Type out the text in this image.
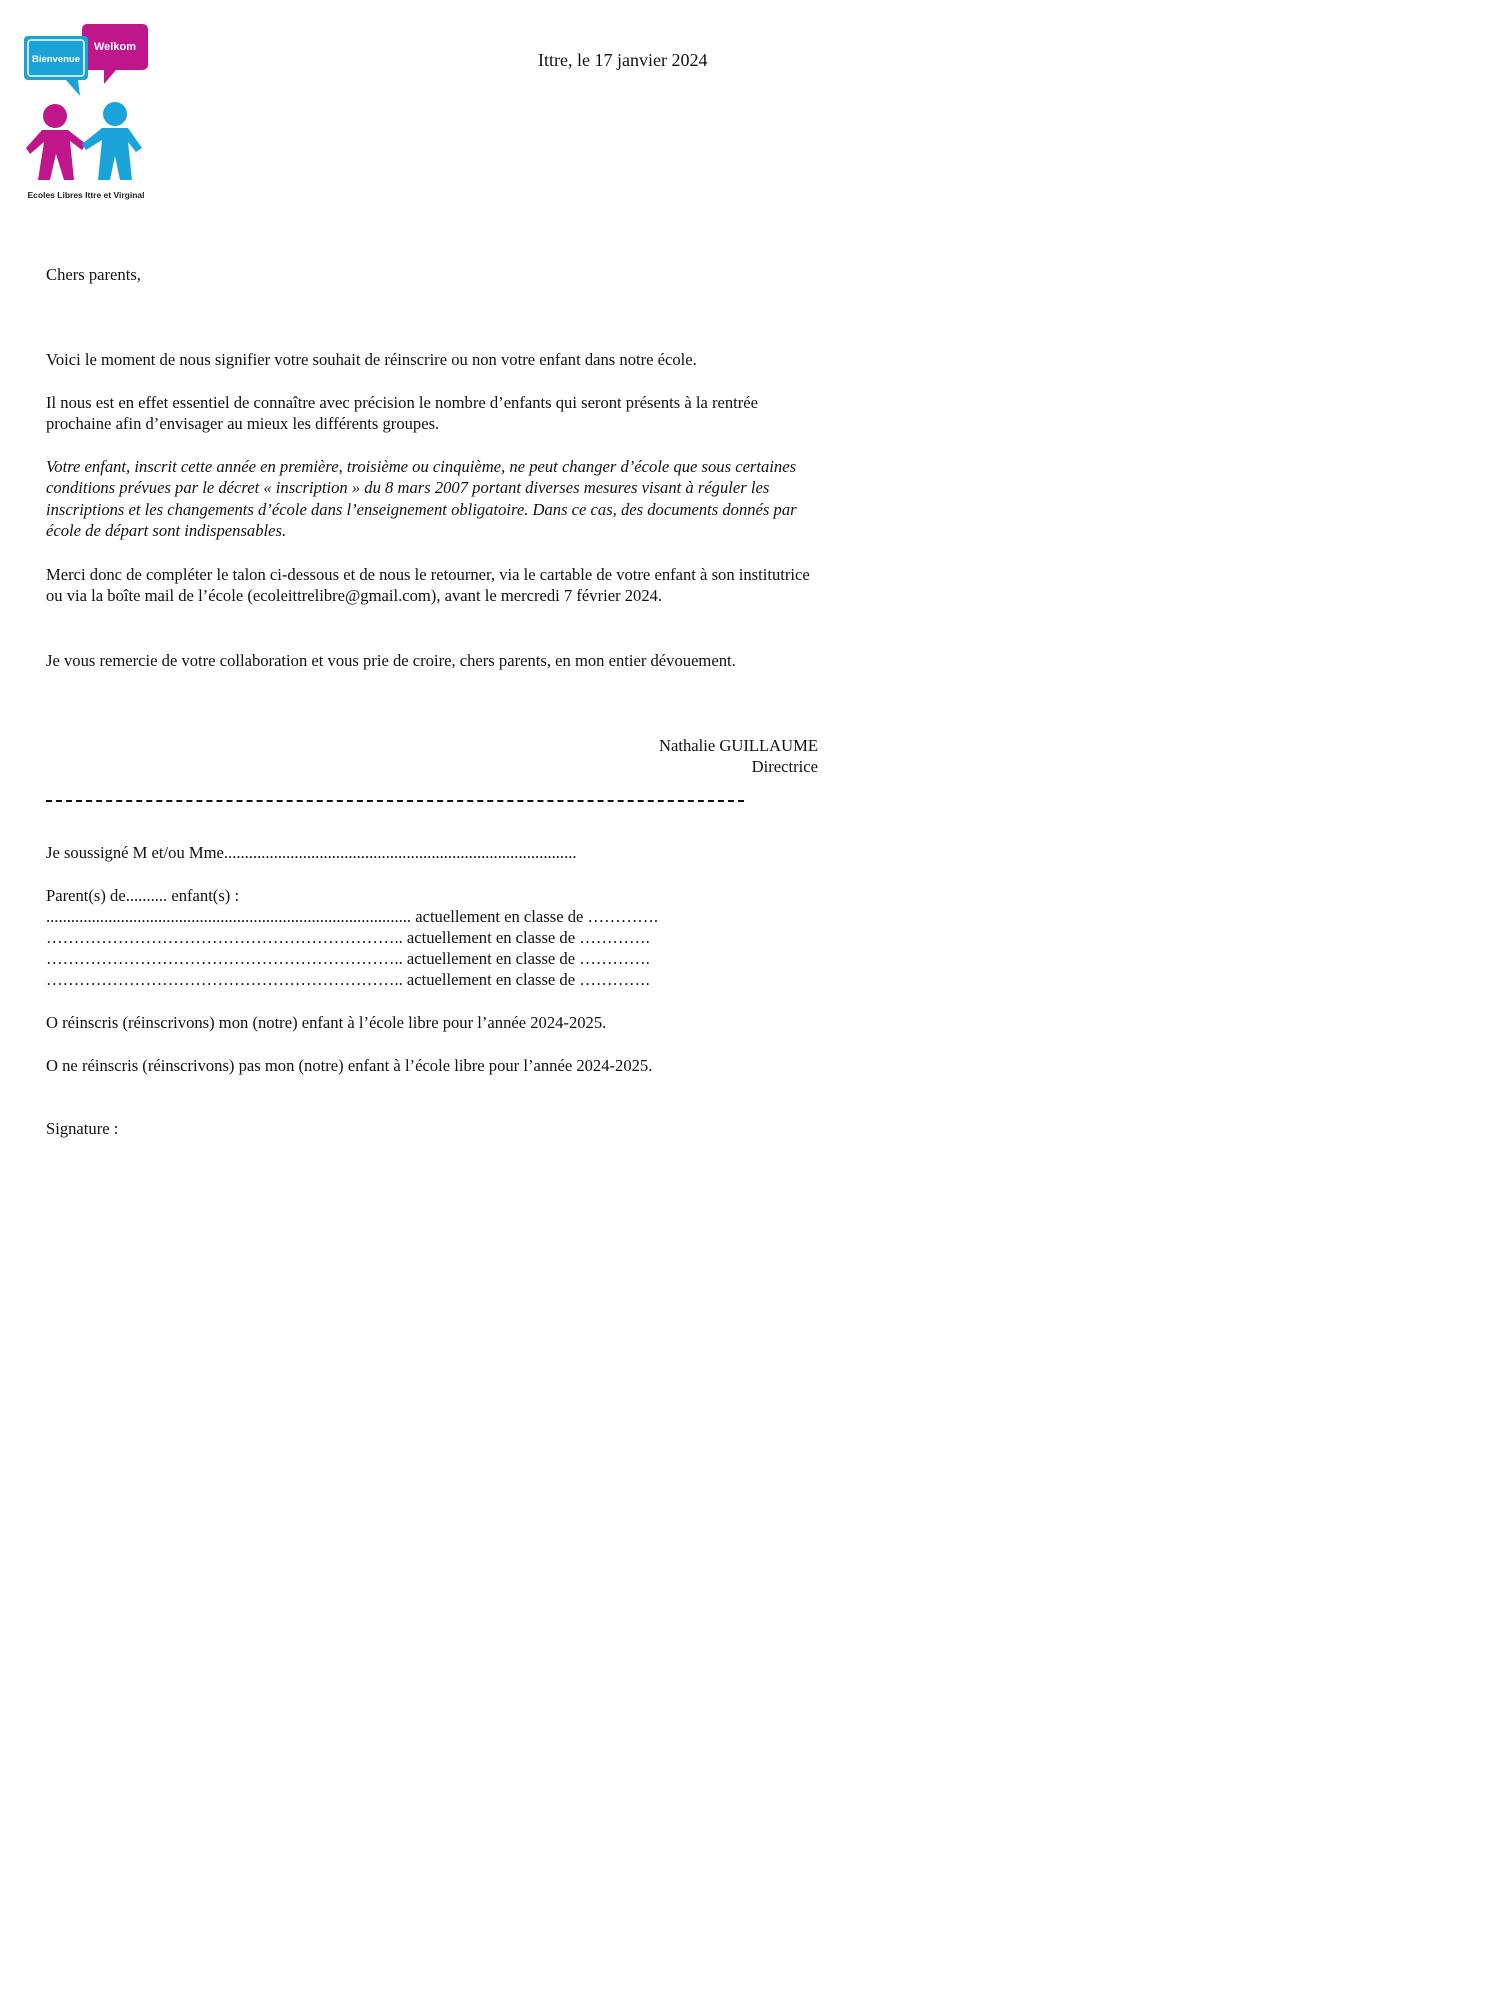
Welkom
Bienvenue
Ecoles Libres Ittre et Virginal
Ittre, le 17 janvier 2024
Chers parents,

Voici le moment de nous signifier votre souhait de réinscrire ou non votre enfant dans notre école.

Il nous est en effet essentiel de connaître avec précision le nombre d’enfants qui seront présents à la rentrée prochaine afin d’envisager au mieux les différents groupes.

Votre enfant, inscrit cette année en première, troisième ou cinquième, ne peut changer d’école que sous certaines conditions prévues par le décret « inscription » du 8 mars 2007 portant diverses mesures visant à réguler les inscriptions et les changements d’école dans l’enseignement obligatoire. Dans ce cas, des documents donnés par école de départ sont indispensables.

Merci donc de compléter le talon ci-dessous et de nous le retourner, via le cartable de votre enfant à son institutrice ou via la boîte mail de l’école (ecoleittrelibre@gmail.com), avant le mercredi 7 février 2024.

Je vous remercie de votre collaboration et vous prie de croire, chers parents, en mon entier dévouement.

Nathalie GUILLAUME
Directrice
Je soussigné M et/ou Mme.....................................................................................
Parent(s) de.......... enfant(s) :
........................................................................................ actuellement en classe de ………….
……………………………………………………….. actuellement en classe de ………….
……………………………………………………….. actuellement en classe de ………….
……………………………………………………….. actuellement en classe de ………….
O réinscris (réinscrivons) mon (notre) enfant à l’école libre pour l’année 2024-2025.
O ne réinscris (réinscrivons) pas mon (notre) enfant à l’école libre pour l’année 2024-2025.
Signature :
